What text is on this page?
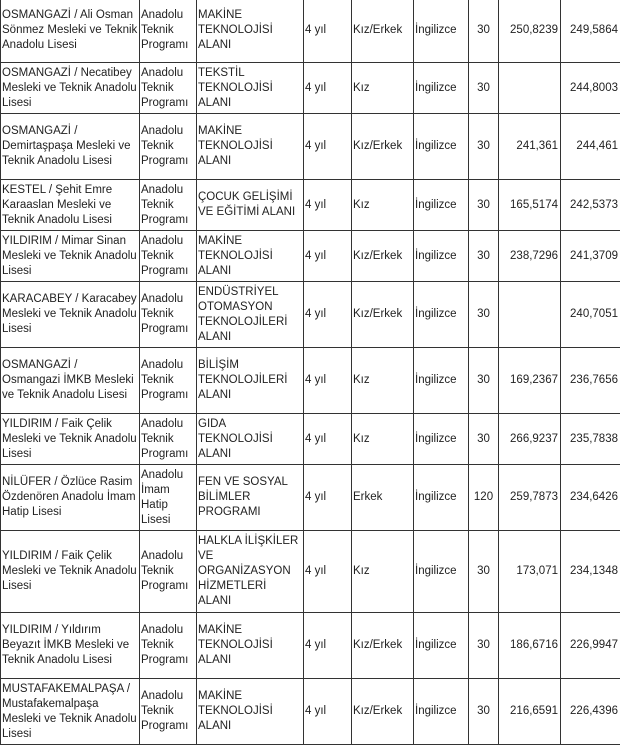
OSMANGAZİ / Ali Osman Sönmez Mesleki ve Teknik Anadolu Lisesi	Anadolu Teknik Programı	MAKİNE TEKNOLOJİSİ ALANI	4 yıl	Kız/Erkek	İngilizce	30	250,8239	249,5864
OSMANGAZİ / Necatibey Mesleki ve Teknik Anadolu Lisesi	Anadolu Teknik Programı	TEKSTİL TEKNOLOJİSİ ALANI	4 yıl	Kız	İngilizce	30		244,8003
OSMANGAZİ / Demirtaşpaşa Mesleki ve Teknik Anadolu Lisesi	Anadolu Teknik Programı	MAKİNE TEKNOLOJİSİ ALANI	4 yıl	Kız/Erkek	İngilizce	30	241,361	244,461
KESTEL / Şehit Emre Karaaslan Mesleki ve Teknik Anadolu Lisesi	Anadolu Teknik Programı	ÇOCUK GELİŞİMİ VE EĞİTİMİ ALANI	4 yıl	Kız	İngilizce	30	165,5174	242,5373
YILDIRIM / Mimar Sinan Mesleki ve Teknik Anadolu Lisesi	Anadolu Teknik Programı	MAKİNE TEKNOLOJİSİ ALANI	4 yıl	Kız/Erkek	İngilizce	30	238,7296	241,3709
KARACABEY / Karacabey Mesleki ve Teknik Anadolu Lisesi	Anadolu Teknik Programı	ENDÜSTRİYEL OTOMASYON TEKNOLOJİLERİ ALANI	4 yıl	Kız/Erkek	İngilizce	30		240,7051
OSMANGAZİ / Osmangazi İMKB Mesleki ve Teknik Anadolu Lisesi	Anadolu Teknik Programı	BİLİŞİM TEKNOLOJİLERİ ALANI	4 yıl	Kız	İngilizce	30	169,2367	236,7656
YILDIRIM / Faik Çelik Mesleki ve Teknik Anadolu Lisesi	Anadolu Teknik Programı	GIDA TEKNOLOJİSİ ALANI	4 yıl	Kız	İngilizce	30	266,9237	235,7838
NİLÜFER / Özlüce Rasim Özdenören Anadolu İmam Hatip Lisesi	Anadolu İmam Hatip Lisesi	FEN VE SOSYAL BİLİMLER PROGRAMI	4 yıl	Erkek	İngilizce	120	259,7873	234,6426
YILDIRIM / Faik Çelik Mesleki ve Teknik Anadolu Lisesi	Anadolu Teknik Programı	HALKLA İLİŞKİLER VE ORGANİZASYON HİZMETLERİ ALANI	4 yıl	Kız	İngilizce	30	173,071	234,1348
YILDIRIM / Yıldırım Beyazıt İMKB Mesleki ve Teknik Anadolu Lisesi	Anadolu Teknik Programı	MAKİNE TEKNOLOJİSİ ALANI	4 yıl	Kız/Erkek	İngilizce	30	186,6716	226,9947
MUSTAFAKEMALPAŞA / Mustafakemalpaşa Mesleki ve Teknik Anadolu Lisesi	Anadolu Teknik Programı	MAKİNE TEKNOLOJİSİ ALANI	4 yıl	Kız/Erkek	İngilizce	30	216,6591	226,4396
